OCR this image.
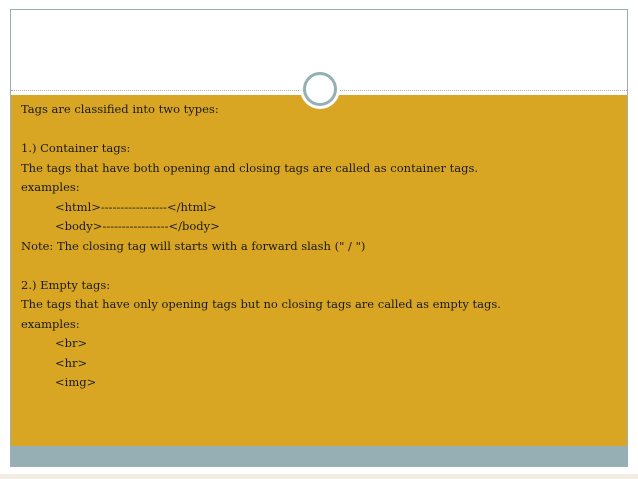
Tags are classified into two types:

1.) Container tags:

The tags that have both opening and closing tags are called as container tags.

examples:

<html>-----------------</html>

<body>-----------------</body>

Note: The closing tag will starts with a forward slash (" / ")

2.) Empty tags:

The tags that have only opening tags but no closing tags are called as empty tags.

examples:

<br>

<hr>

<img>
